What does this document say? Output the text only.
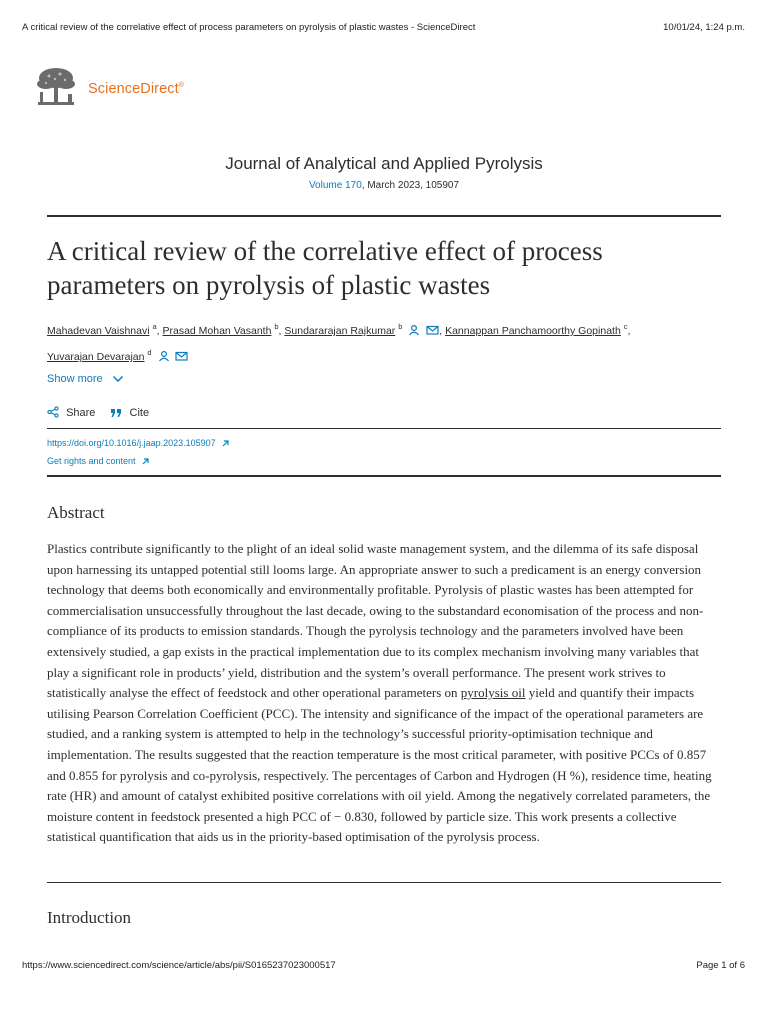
A critical review of the correlative effect of process parameters on pyrolysis of plastic wastes - ScienceDirect	10/01/24, 1:24 p.m.
ScienceDirect®
Journal of Analytical and Applied Pyrolysis
Volume 170, March 2023, 105907
A critical review of the correlative effect of process parameters on pyrolysis of plastic wastes
Mahadevan Vaishnavi $^a$, Prasad Mohan Vasanth $^b$, Sundararajan Rajkumar $^b$	, Kannappan Panchamoorthy Gopinath $^c$,
Yuvarajan Devarajan $^d$
Show more
Share	Cite
https://doi.org/10.1016/j.jaap.2023.105907
Get rights and content
Abstract
Plastics contribute significantly to the plight of an ideal solid waste management system, and the dilemma of its safe disposal upon harnessing its untapped potential still looms large. An appropriate answer to such a predicament is an energy conversion technology that deems both economically and environmentally profitable. Pyrolysis of plastic wastes has been attempted for commercialisation unsuccessfully throughout the last decade, owing to the substandard economisation of the process and non-compliance of its products to emission standards. Though the pyrolysis technology and the parameters involved have been extensively studied, a gap exists in the practical implementation due to its complex mechanism involving many variables that play a significant role in products’ yield, distribution and the system’s overall performance. The present work strives to statistically analyse the effect of feedstock and other operational parameters on pyrolysis oil yield and quantify their impacts utilising Pearson Correlation Coefficient (PCC). The intensity and significance of the impact of the operational parameters are studied, and a ranking system is attempted to help in the technology’s successful priority-optimisation technique and implementation. The results suggested that the reaction temperature is the most critical parameter, with positive PCCs of 0.857 and 0.855 for pyrolysis and co-pyrolysis, respectively. The percentages of Carbon and Hydrogen (H %), residence time, heating rate (HR) and amount of catalyst exhibited positive correlations with oil yield. Among the negatively correlated parameters, the moisture content in feedstock presented a high PCC of − 0.830, followed by particle size. This work presents a collective statistical quantification that aids us in the priority-based optimisation of the pyrolysis process.
Introduction
https://www.sciencedirect.com/science/article/abs/pii/S0165237023000517	Page 1 of 6
